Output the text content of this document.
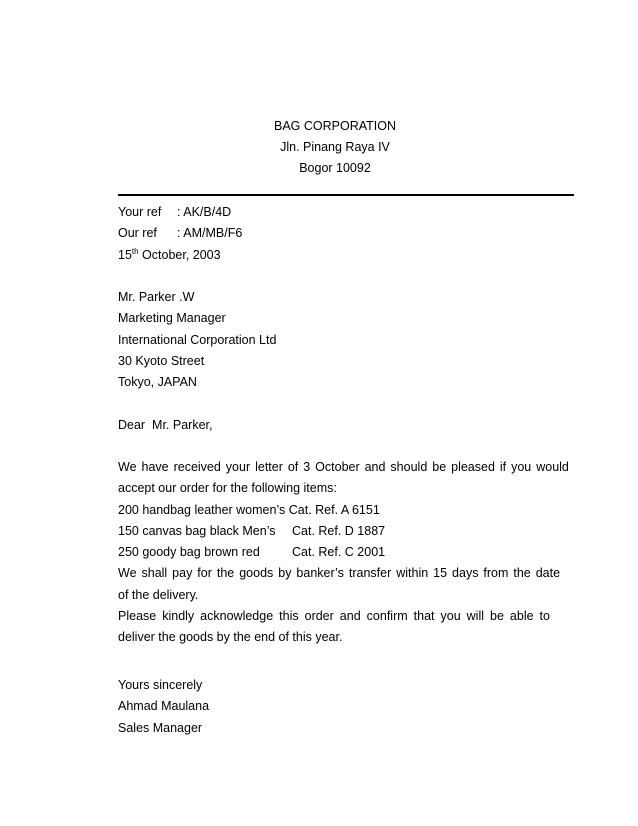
BAG CORPORATION
Jln. Pinang Raya IV
Bogor 10092
Your ref : AK/B/4D
Our ref : AM/MB/F6
15th October, 2003
Mr. Parker .W
Marketing Manager
International Corporation Ltd
30 Kyoto Street
Tokyo, JAPAN
Dear  Mr. Parker,
We have received your letter of 3 October and should be pleased if you would
accept our order for the following items:
200 handbag leather women’s Cat. Ref. A 6151
150 canvas bag black Men’s Cat. Ref. D 1887
250 goody bag brown red	Cat. Ref. C 2001
We shall pay for the goods by banker’s transfer within 15 days from the date
of the delivery.
Please kindly acknowledge this order and confirm that you will be able to
deliver the goods by the end of this year.
Yours sincerely
Ahmad Maulana
Sales Manager
